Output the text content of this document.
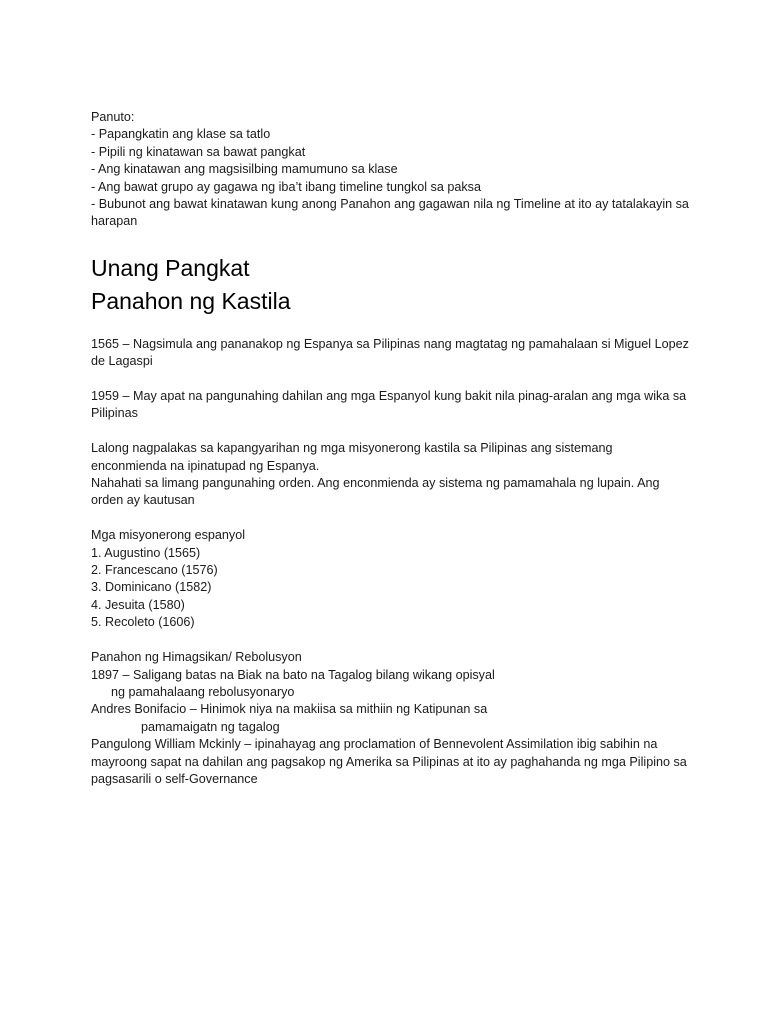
Panuto:
- Papangkatin ang klase sa tatlo
- Pipili ng kinatawan sa bawat pangkat
- Ang kinatawan ang magsisilbing mamumuno sa klase
- Ang bawat grupo ay gagawa ng iba’t ibang timeline tungkol sa paksa
- Bubunot ang bawat kinatawan kung anong Panahon ang gagawan nila ng Timeline at ito ay tatalakayin sa harapan
Unang Pangkat
Panahon ng Kastila
1565 – Nagsimula ang pananakop ng Espanya sa Pilipinas nang magtatag ng pamahalaan si Miguel Lopez de Lagaspi
1959 – May apat na pangunahing dahilan ang mga Espanyol kung bakit nila pinag-aralan ang mga wika sa Pilipinas
Lalong nagpalakas sa kapangyarihan ng mga misyonerong kastila sa Pilipinas ang sistemang enconmienda na ipinatupad ng Espanya.
Nahahati sa limang pangunahing orden. Ang enconmienda ay sistema ng pamamahala ng lupain. Ang orden ay kautusan
Mga misyonerong espanyol
1. Augustino (1565)
2. Francescano (1576)
3. Dominicano (1582)
4. Jesuita (1580)
5. Recoleto (1606)
Panahon ng Himagsikan/ Rebolusyon
1897 – Saligang batas na Biak na bato na Tagalog bilang wikang opisyal
ng pamahalaang rebolusyonaryo
Andres Bonifacio – Hinimok niya na makiisa sa mithiin ng Katipunan sa
pamamaigatn ng tagalog
Pangulong William Mckinly – ipinahayag ang proclamation of Bennevolent Assimilation ibig sabihin na mayroong sapat na dahilan ang pagsakop ng Amerika sa Pilipinas at ito ay paghahanda ng mga Pilipino sa pagsasarili o self-Governance
